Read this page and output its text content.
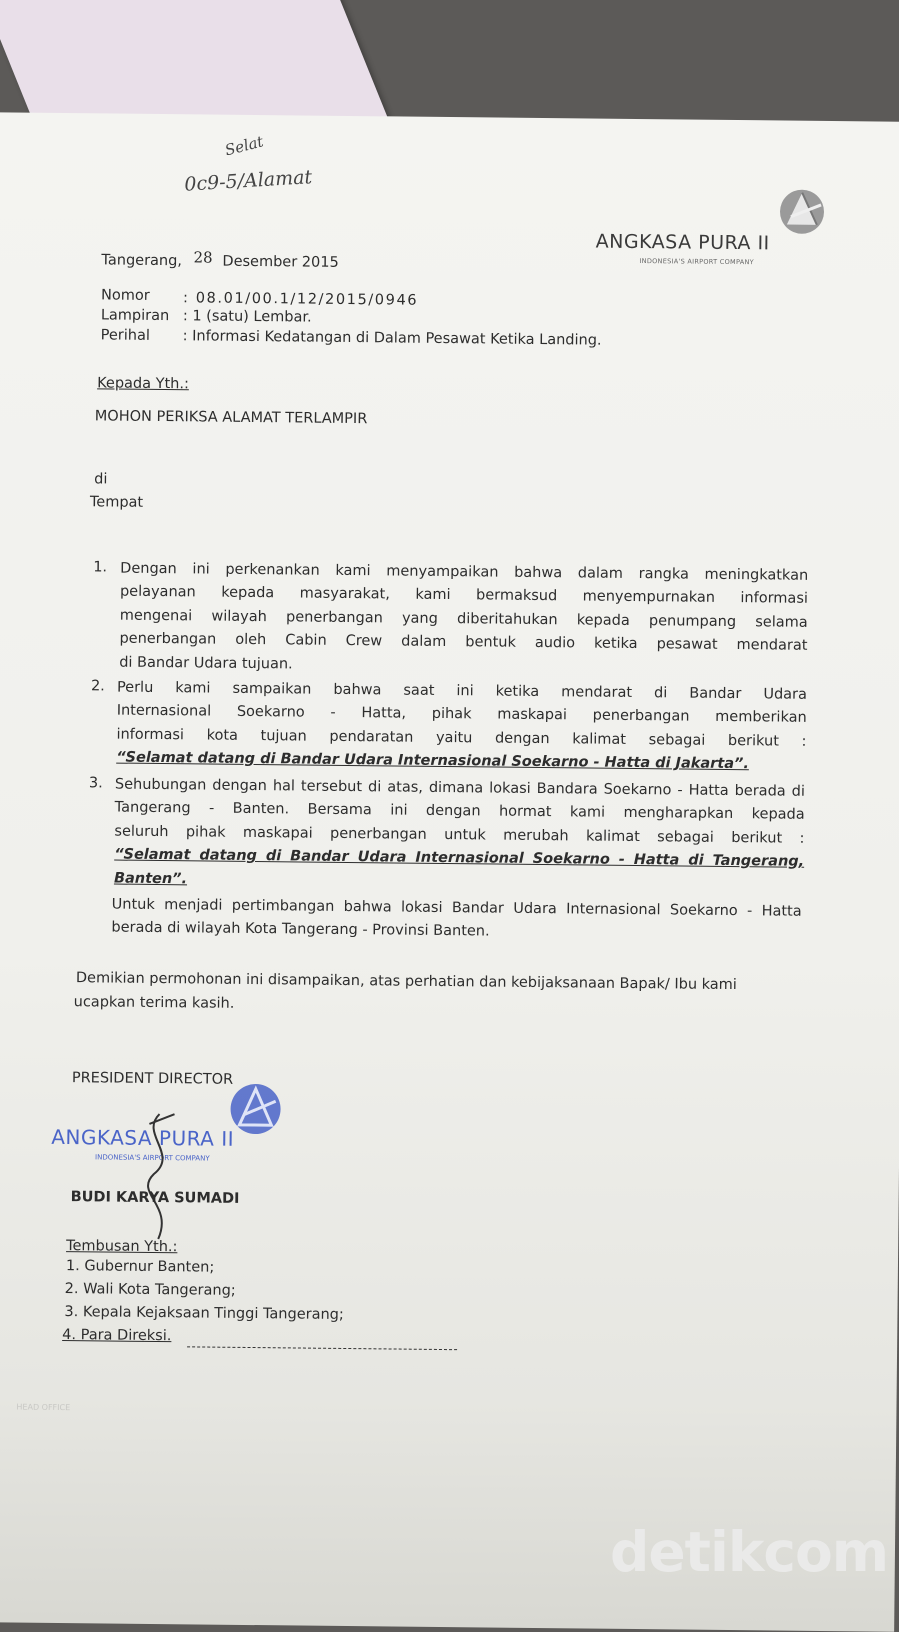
Selat
0c9-5/Alamat
ANGKASA PURA II
INDONESIA'S AIRPORT COMPANY
Tangerang, 28 Desember 2015
Nomor : 08.01/00.1/12/2015/0946
Lampiran : 1 (satu) Lembar.
Perihal : Informasi Kedatangan di Dalam Pesawat Ketika Landing.
Kepada Yth.:
MOHON PERIKSA ALAMAT TERLAMPIR
di
Tempat
1. Dengan ini perkenankan kami menyampaikan bahwa dalam rangka meningkatkan
pelayanan kepada masyarakat, kami bermaksud menyempurnakan informasi
mengenai wilayah penerbangan yang diberitahukan kepada penumpang selama
penerbangan oleh Cabin Crew dalam bentuk audio ketika pesawat mendarat
di Bandar Udara tujuan.
2. Perlu kami sampaikan bahwa saat ini ketika mendarat di Bandar Udara
Internasional Soekarno - Hatta, pihak maskapai penerbangan memberikan
informasi kota tujuan pendaratan yaitu dengan kalimat sebagai berikut :
“Selamat datang di Bandar Udara Internasional Soekarno - Hatta di Jakarta”.
3. Sehubungan dengan hal tersebut di atas, dimana lokasi Bandara Soekarno - Hatta berada di
Tangerang - Banten. Bersama ini dengan hormat kami mengharapkan kepada
seluruh pihak maskapai penerbangan untuk merubah kalimat sebagai berikut :
“Selamat datang di Bandar Udara Internasional Soekarno - Hatta di Tangerang,
Banten”.
Untuk menjadi pertimbangan bahwa lokasi Bandar Udara Internasional Soekarno - Hatta
berada di wilayah Kota Tangerang - Provinsi Banten.
Demikian permohonan ini disampaikan, atas perhatian dan kebijaksanaan Bapak/ Ibu kami
ucapkan terima kasih.
PRESIDENT DIRECTOR
ANGKASA PURA II
INDONESIA'S AIRPORT COMPANY
BUDI KARYA SUMADI
Tembusan Yth.:
1. Gubernur Banten;
2. Wali Kota Tangerang;
3. Kepala Kejaksaan Tinggi Tangerang;
4. Para Direksi.
HEAD OFFICE
detikcom
